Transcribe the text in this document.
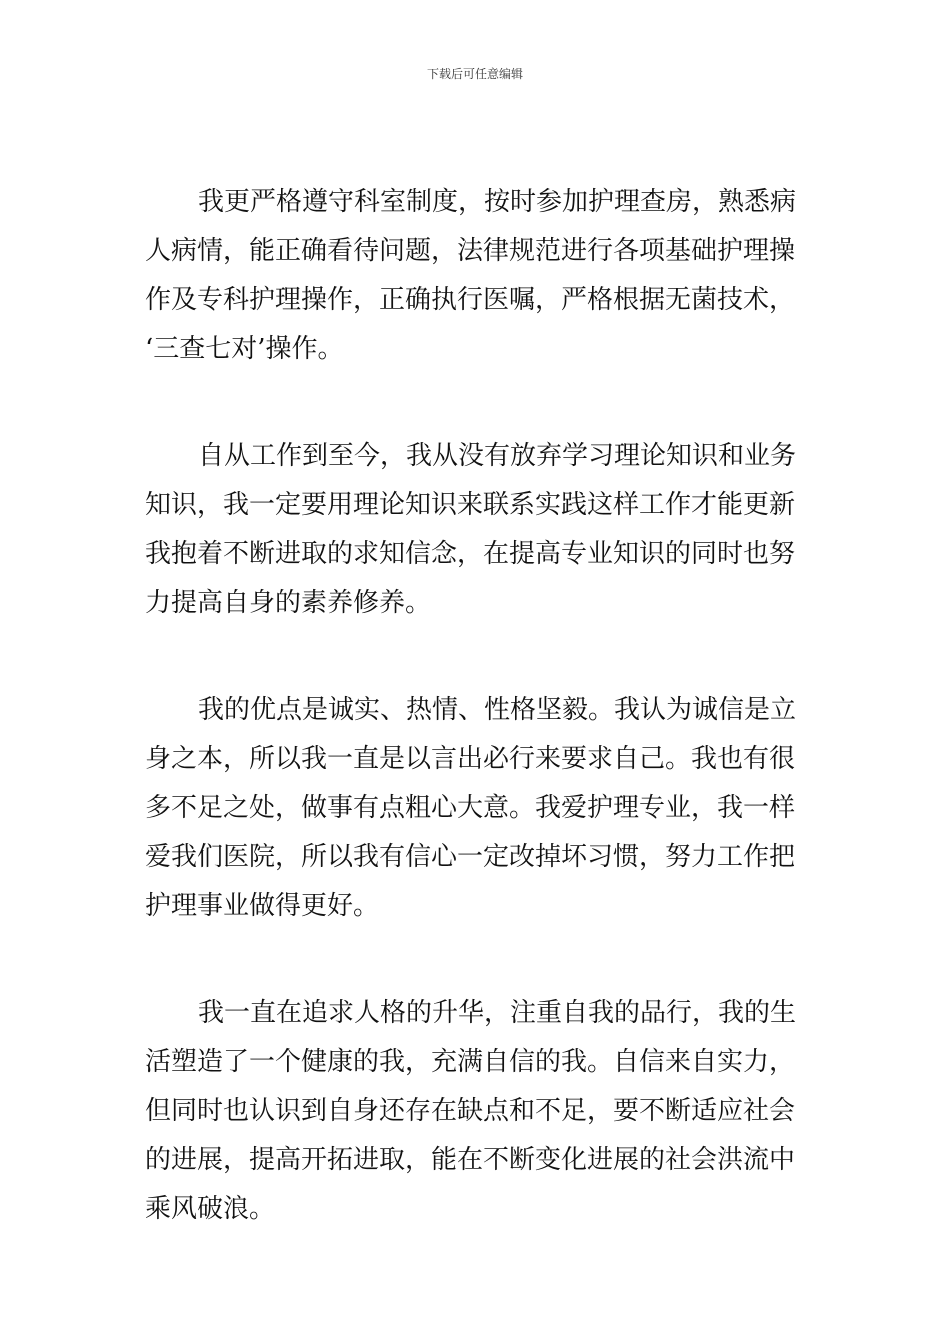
下载后可任意编辑
我更严格遵守科室制度，按时参加护理查房，熟悉病
人病情，能正确看待问题，法律规范进行各项基础护理操
作及专科护理操作，正确执行医嘱，严格根据无菌技术，
‘三查七对’操作。
自从工作到至今，我从没有放弃学习理论知识和业务
知识，我一定要用理论知识来联系实践这样工作才能更新
我抱着不断进取的求知信念，在提高专业知识的同时也努
力提高自身的素养修养。
我的优点是诚实、热情、性格坚毅。我认为诚信是立
身之本，所以我一直是以言出必行来要求自己。我也有很
多不足之处，做事有点粗心大意。我爱护理专业，我一样
爱我们医院，所以我有信心一定改掉坏习惯，努力工作把
护理事业做得更好。
我一直在追求人格的升华，注重自我的品行，我的生
活塑造了一个健康的我，充满自信的我。自信来自实力，
但同时也认识到自身还存在缺点和不足，要不断适应社会
的进展，提高开拓进取，能在不断变化进展的社会洪流中
乘风破浪。
